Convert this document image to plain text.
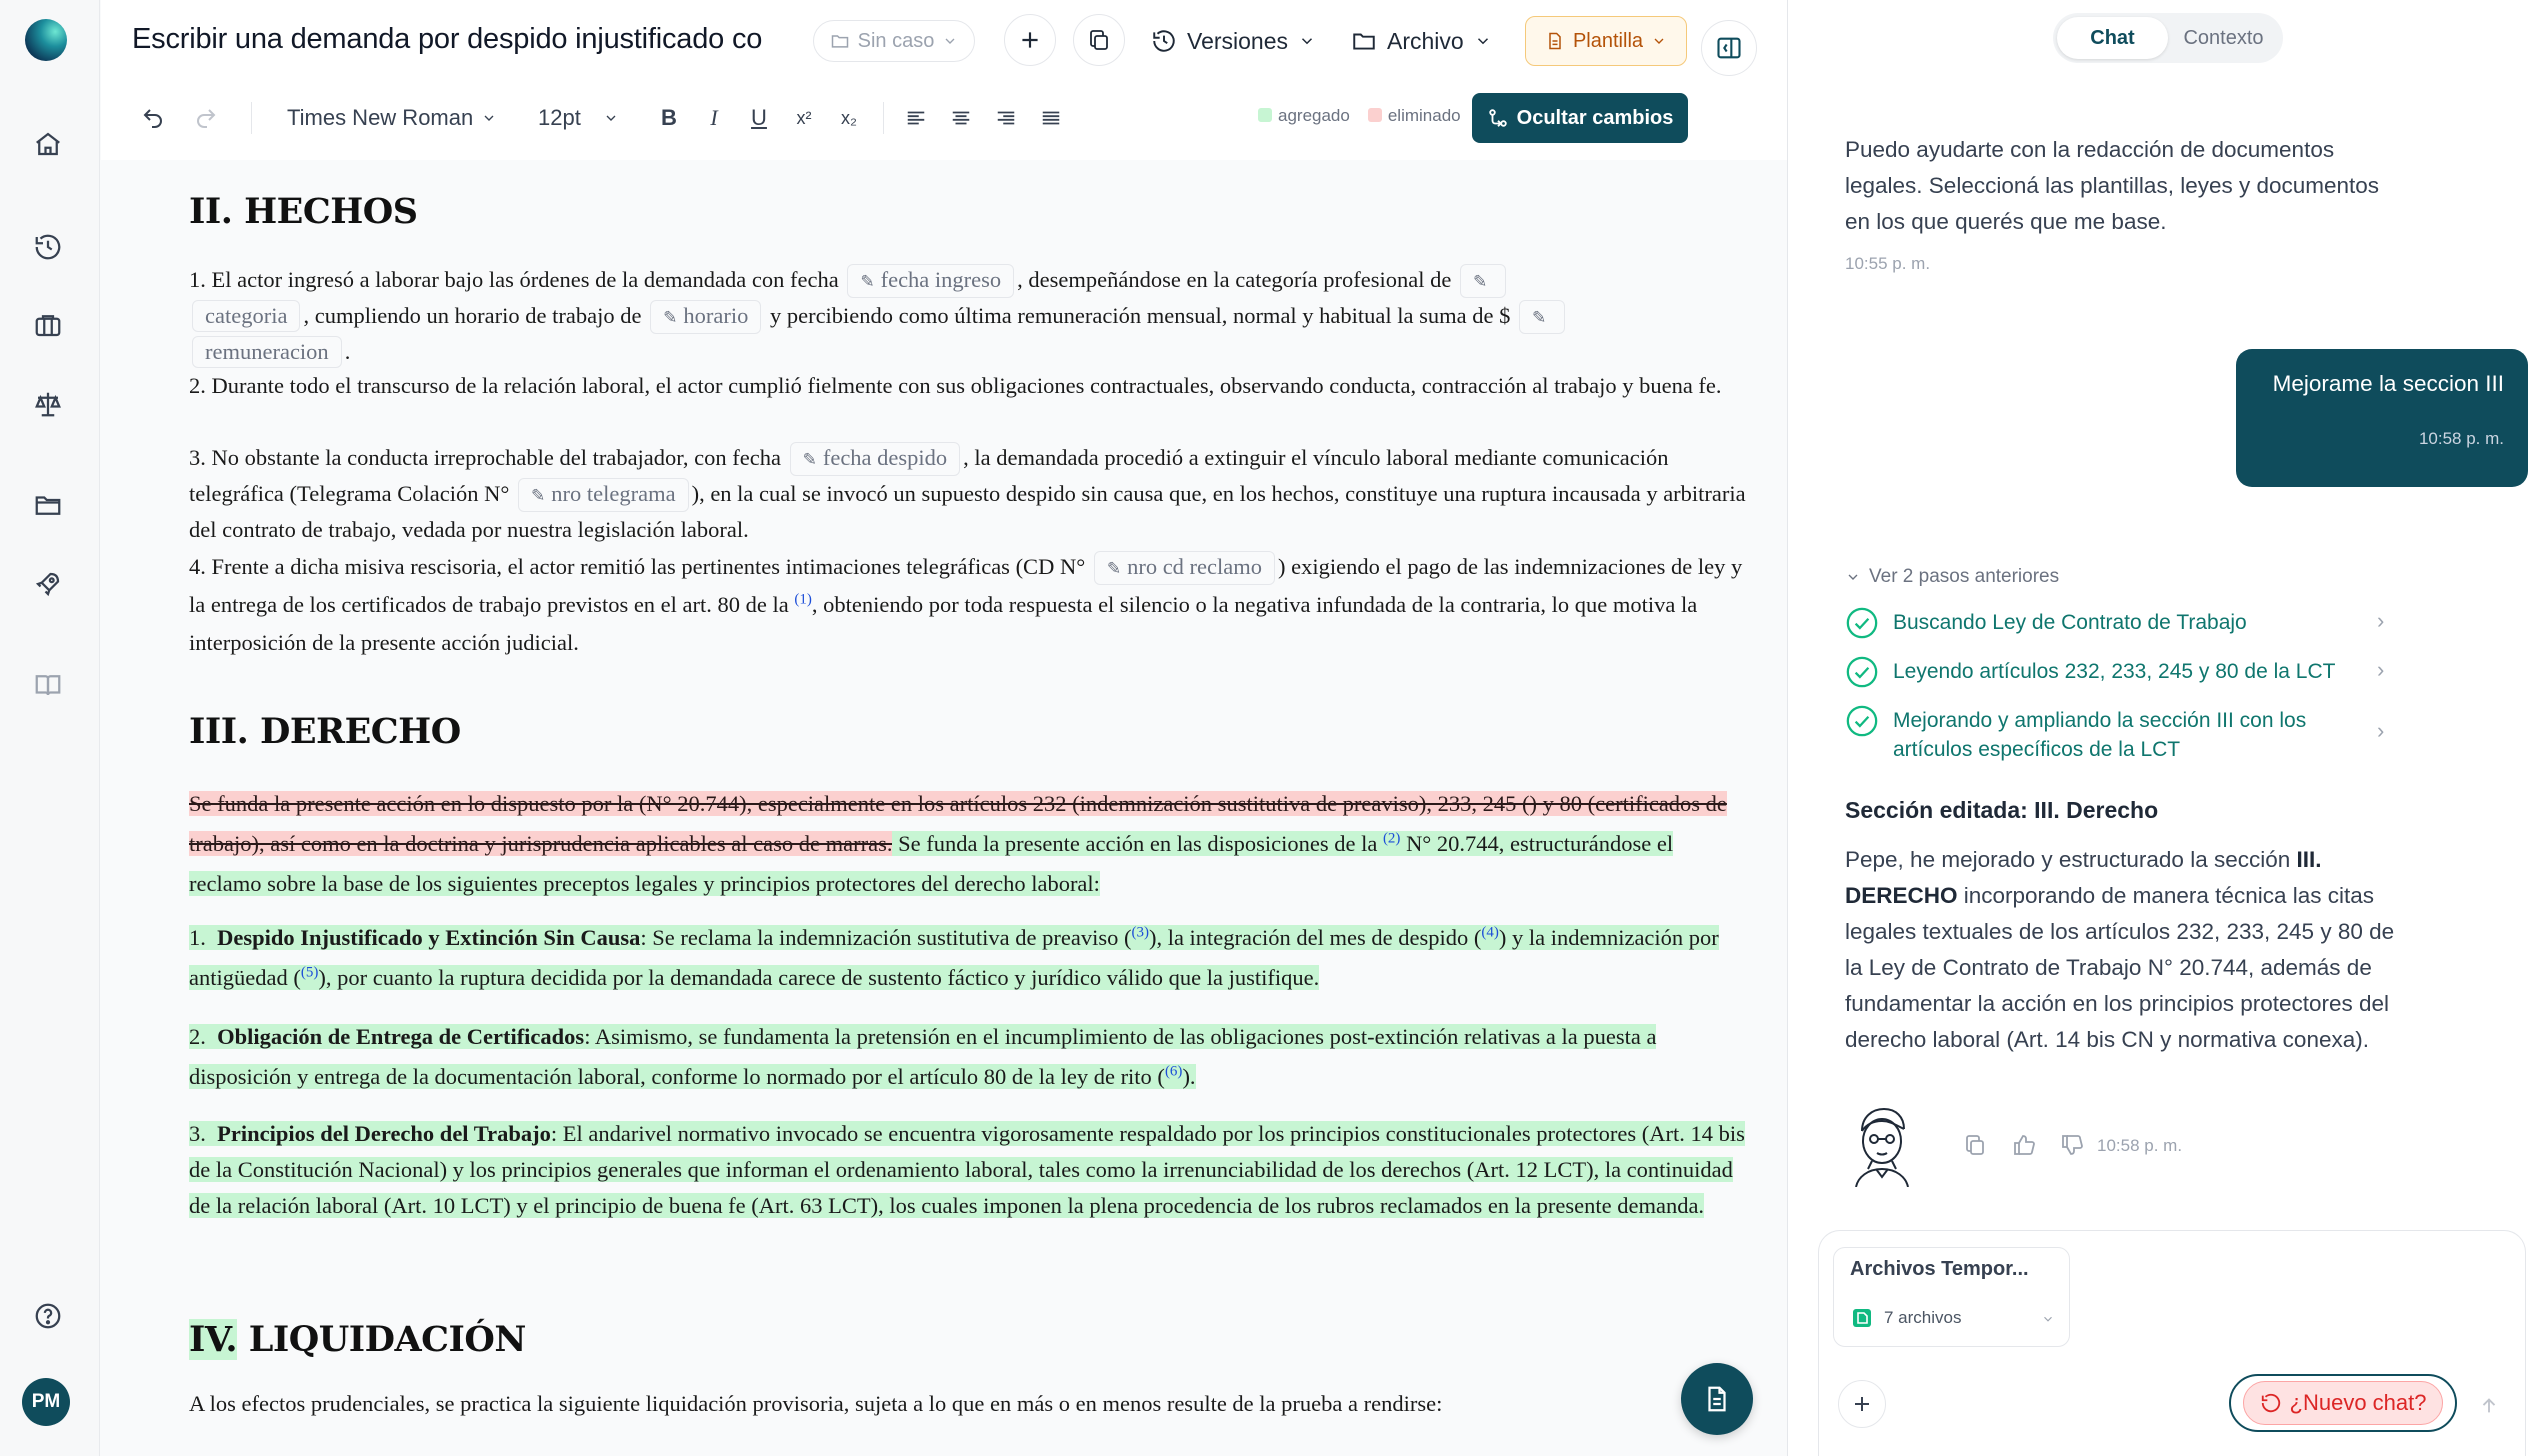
PM
Escribir una demanda por despido injustificado co	Sin caso	Versiones	Archivo	Plantilla
Times New Roman	12pt	B I U x² x₂	agregado	eliminado	Ocultar cambios
II. HECHOS
1. El actor ingresó a laborar bajo las órdenes de la demandada con fecha ✎ fecha ingreso , desempeñándose en la categoría profesional de ✎
categoria , cumpliendo un horario de trabajo de ✎ horario y percibiendo como última remuneración mensual, normal y habitual la suma de $ ✎
remuneracion .
2. Durante todo el transcurso de la relación laboral, el actor cumplió fielmente con sus obligaciones contractuales, observando conducta, contracción al trabajo y buena fe.
3. No obstante la conducta irreprochable del trabajador, con fecha ✎ fecha despido , la demandada procedió a extinguir el vínculo laboral mediante comunicación telegráfica (Telegrama Colación N° ✎ nro telegrama ), en la cual se invocó un supuesto despido sin causa que, en los hechos, constituye una ruptura incausada y arbitraria del contrato de trabajo, vedada por nuestra legislación laboral.
4. Frente a dicha misiva rescisoria, el actor remitió las pertinentes intimaciones telegráficas (CD N° ✎ nro cd reclamo ) exigiendo el pago de las indemnizaciones de ley y la entrega de los certificados de trabajo previstos en el art. 80 de la $^{(1)}$, obteniendo por toda respuesta el silencio o la negativa infundada de la contraria, lo que motiva la interposición de la presente acción judicial.
III. DERECHO
Se funda la presente acción en lo dispuesto por la (N° 20.744), especialmente en los artículos 232 (indemnización sustitutiva de preaviso), 233, 245 () y 80 (certificados de trabajo), así como en la doctrina y jurisprudencia aplicables al caso de marras. Se funda la presente acción en las disposiciones de la $^{(2)}$ N° 20.744, estructurándose el reclamo sobre la base de los siguientes preceptos legales y principios protectores del derecho laboral:
1. Despido Injustificado y Extinción Sin Causa: Se reclama la indemnización sustitutiva de preaviso ($^{(3)}$), la integración del mes de despido ($^{(4)}$) y la indemnización por antigüedad ($^{(5)}$), por cuanto la ruptura decidida por la demandada carece de sustento fáctico y jurídico válido que la justifique.
2. Obligación de Entrega de Certificados: Asimismo, se fundamenta la pretensión en el incumplimiento de las obligaciones post-extinción relativas a la puesta a disposición y entrega de la documentación laboral, conforme lo normado por el artículo 80 de la ley de rito ($^{(6)}$).
3. Principios del Derecho del Trabajo: El andarivel normativo invocado se encuentra vigorosamente respaldado por los principios constitucionales protectores (Art. 14 bis de la Constitución Nacional) y los principios generales que informan el ordenamiento laboral, tales como la irrenunciabilidad de los derechos (Art. 12 LCT), la continuidad de la relación laboral (Art. 10 LCT) y el principio de buena fe (Art. 63 LCT), los cuales imponen la plena procedencia de los rubros reclamados en la presente demanda.
IV. LIQUIDACIÓN
A los efectos prudenciales, se practica la siguiente liquidación provisoria, sujeta a lo que en más o en menos resulte de la prueba a rendirse:
Chat	Contexto
Puedo ayudarte con la redacción de documentos legales. Seleccioná las plantillas, leyes y documentos en los que querés que me base.
10:55 p. m.
Mejorame la seccion III
10:58 p. m.
Ver 2 pasos anteriores
Buscando Ley de Contrato de Trabajo	›
Leyendo artículos 232, 233, 245 y 80 de la LCT ›
Mejorando y ampliando la sección III con los artículos específicos de la LCT
›
Sección editada: III. Derecho
Pepe, he mejorado y estructurado la sección III. DERECHO incorporando de manera técnica las citas legales textuales de los artículos 232, 233, 245 y 80 de la Ley de Contrato de Trabajo N° 20.744, además de fundamentar la acción en los principios protectores del derecho laboral (Art. 14 bis CN y normativa conexa).
10:58 p. m.
Archivos Tempor...
7 archivos
¿Nuevo chat?
